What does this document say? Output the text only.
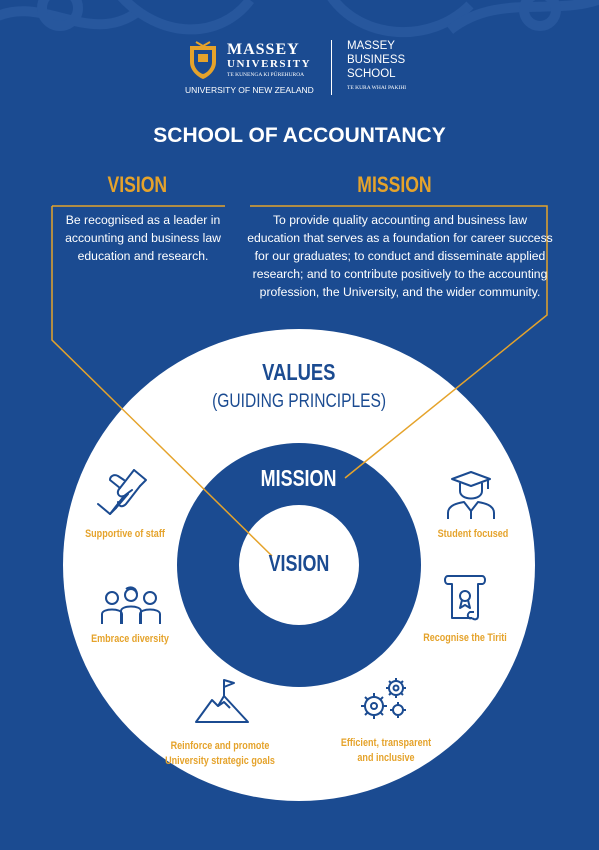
MASSEY
UNIVERSITY
TE KUNENGA KI PŪREHUROA
UNIVERSITY OF NEW ZEALAND
MASSEY
BUSINESS
SCHOOL
TE KURA WHAI PAKIHI
SCHOOL OF ACCOUNTANCY
VISION	MISSION
Be recognised as a leader in accounting and business law education and research.
To provide quality accounting and business law education that serves as a foundation for career success for our graduates; to conduct and disseminate applied research; and to contribute positively to the accounting profession, the University, and the wider community.
VALUES
(GUIDING PRINCIPLES)
MISSION
VISION
Supportive of staff
Embrace diversity
Reinforce and promote
University strategic goals
Efficient, transparent
and inclusive
Recognise the Tiriti
Student focused
